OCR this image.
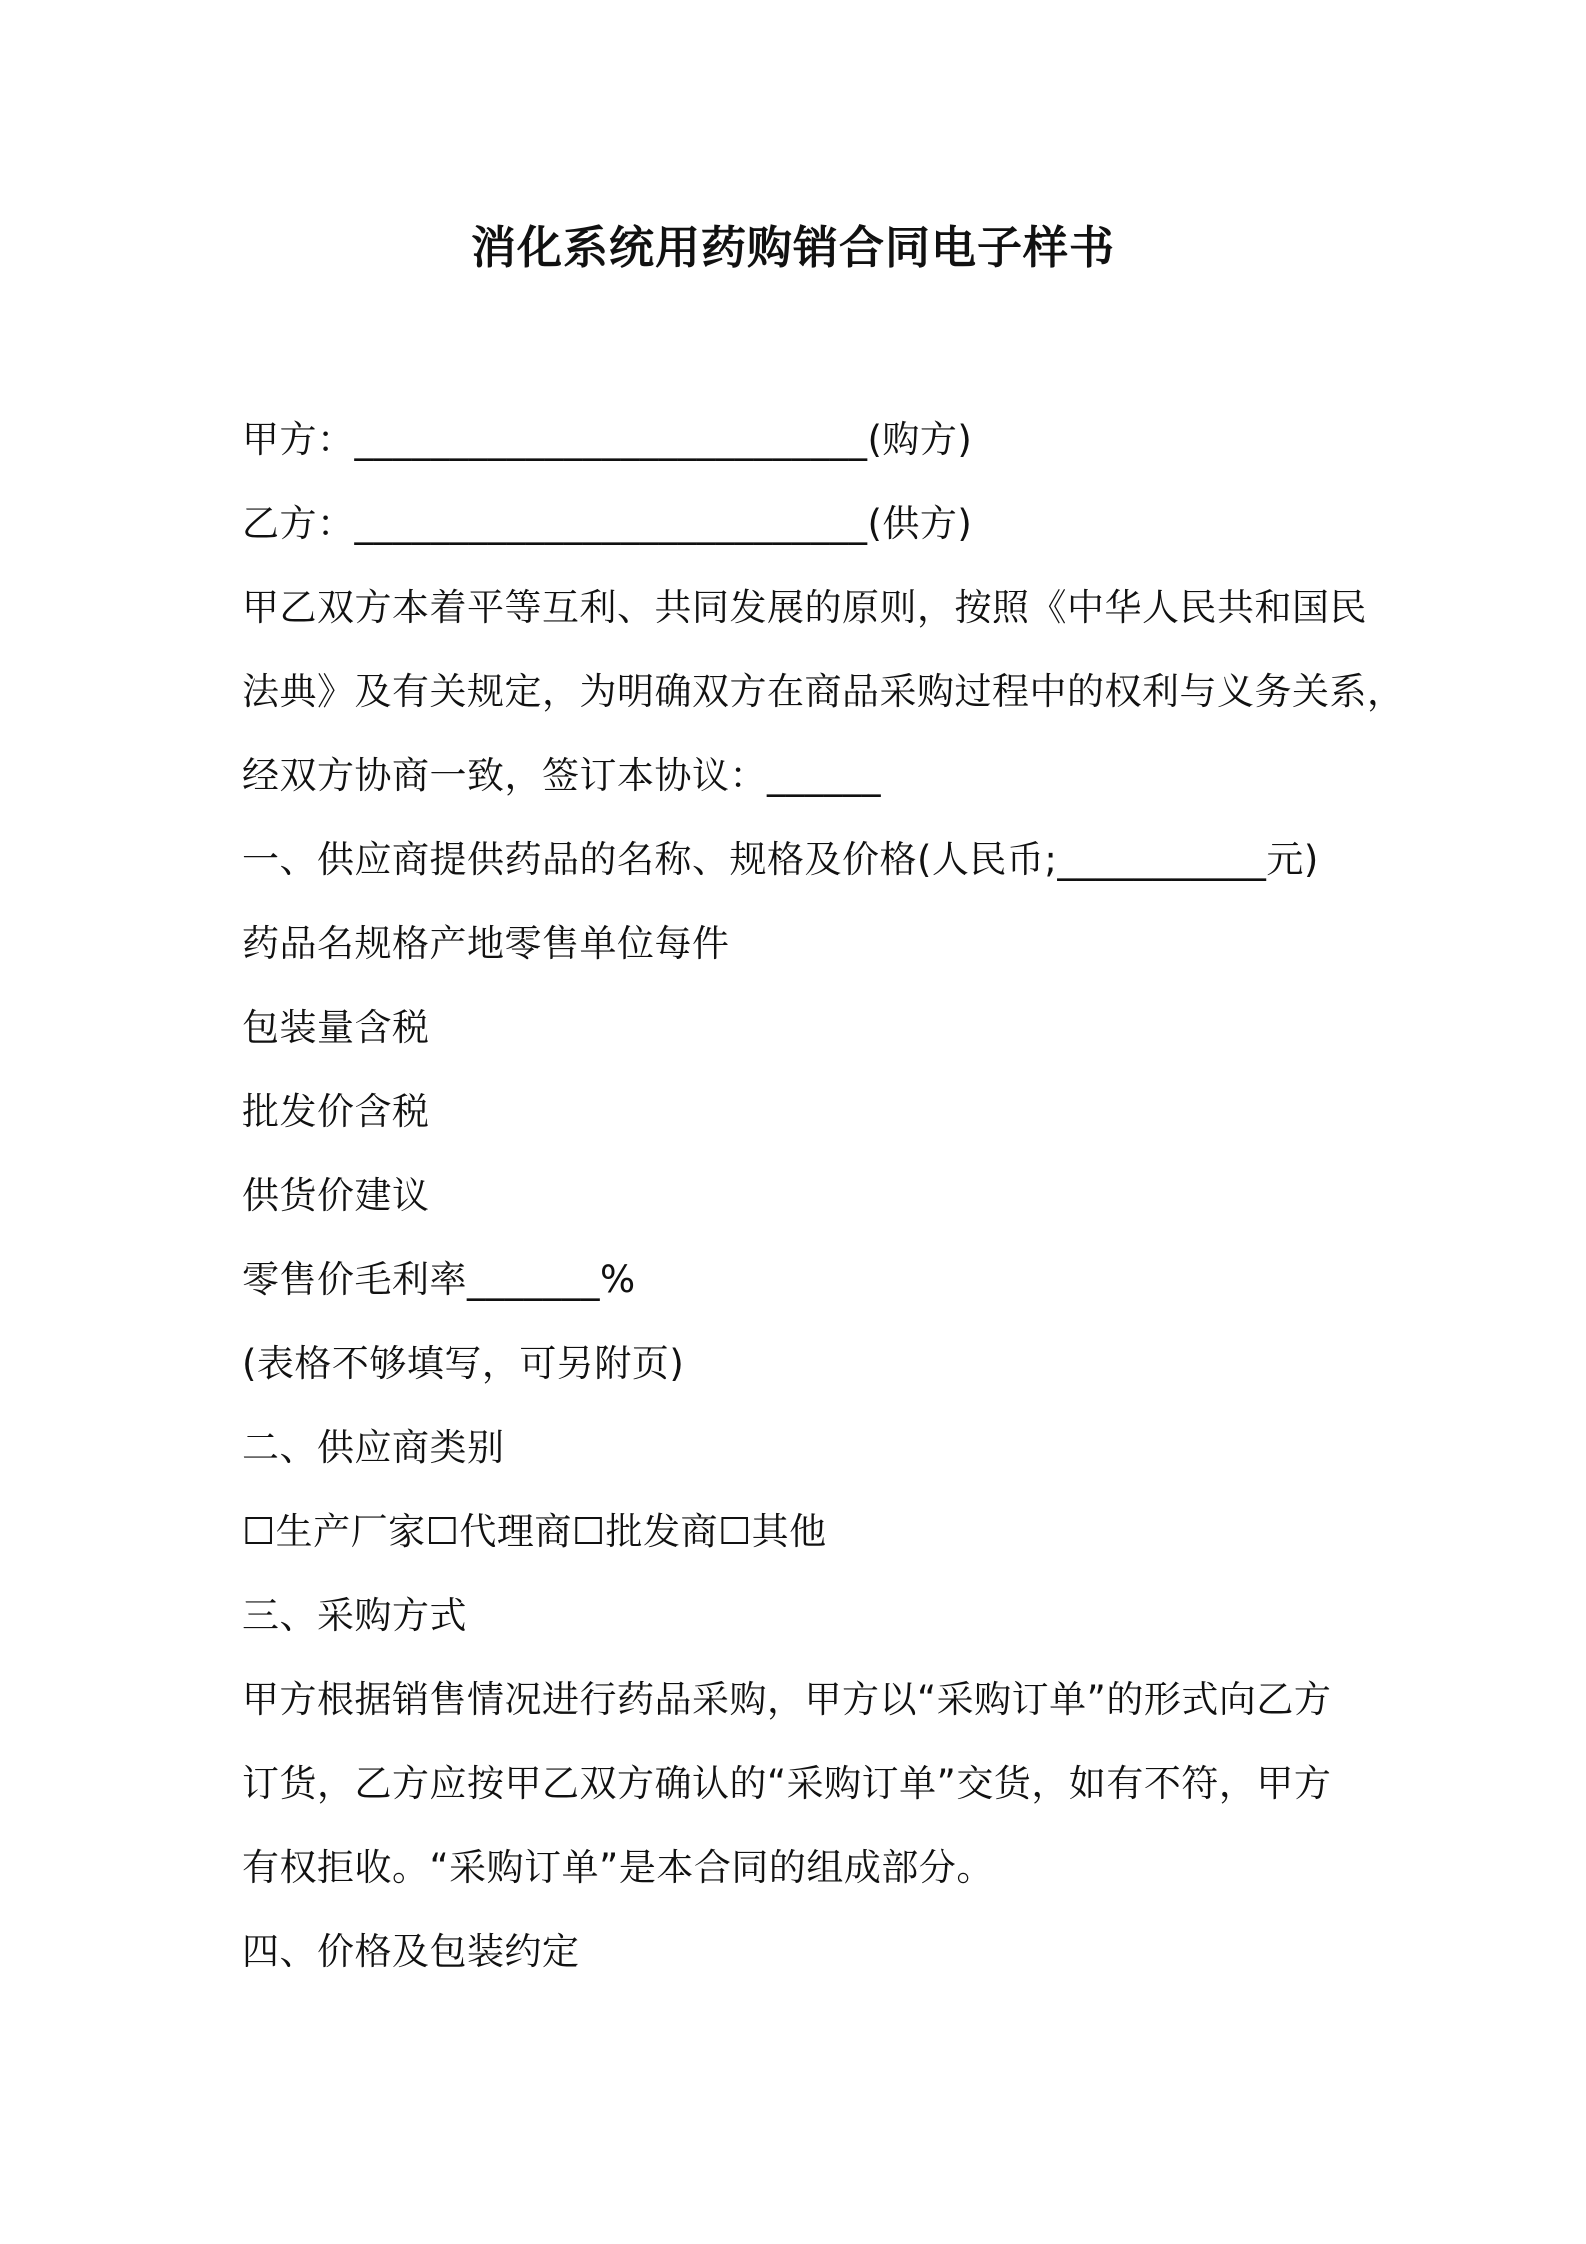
消化系统用药购销合同电子样书
甲方：___________________________(购方)
乙方：___________________________(供方)
甲乙双方本着平等互利、共同发展的原则，按照《中华人民共和国民
法典》及有关规定，为明确双方在商品采购过程中的权利与义务关系，
经双方协商一致，签订本协议：______
一、供应商提供药品的名称、规格及价格(人民币;___________元)
药品名规格产地零售单位每件
包装量含税
批发价含税
供货价建议
零售价毛利率_______%
(表格不够填写，可另附页)
二、供应商类别
☐生产厂家☐代理商☐批发商☐其他
三、采购方式
甲方根据销售情况进行药品采购，甲方以“采购订单”的形式向乙方
订货，乙方应按甲乙双方确认的“采购订单”交货，如有不符，甲方
有权拒收。“采购订单”是本合同的组成部分。
四、价格及包装约定
